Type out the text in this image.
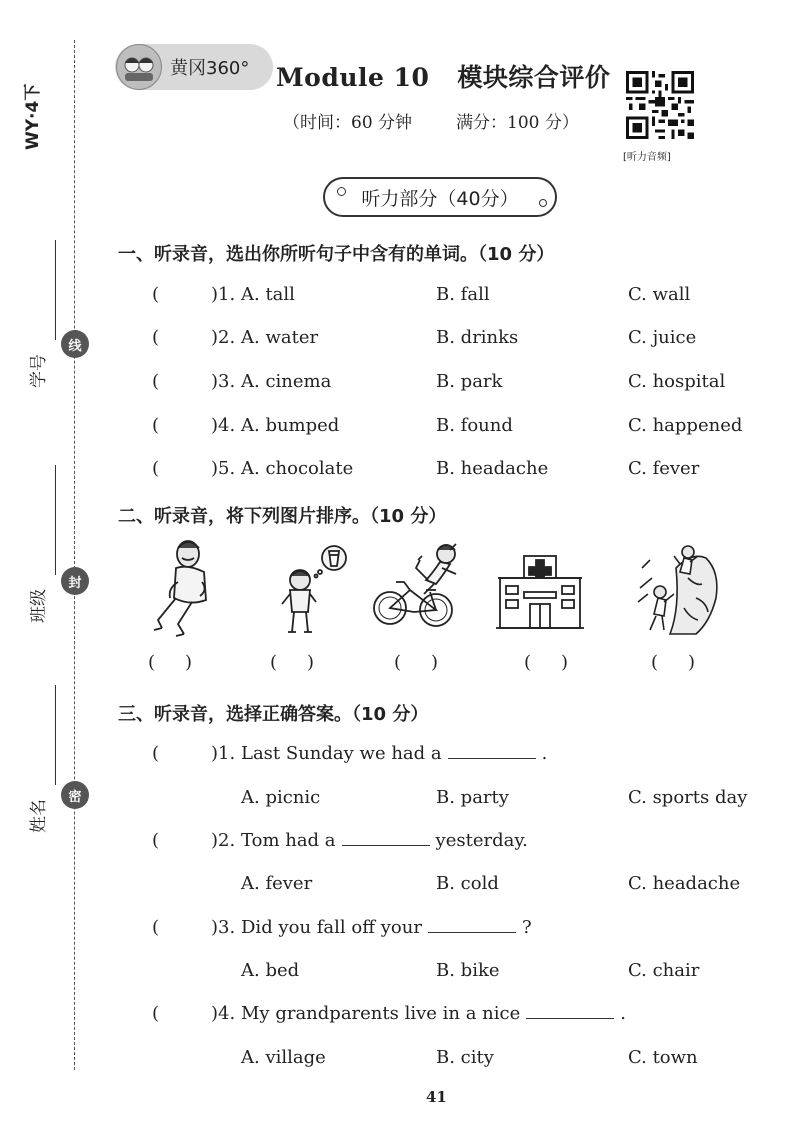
WY·4下
线
封
密
学号
班级
姓名
黄冈360° Module 10 模块综合评价
（时间：60 分钟	满分：100 分）
[听力音频]
听力部分（40分）
一、听录音，选出你所听句子中含有的单词。（10 分）
(	)1. A. tall	B. fall	C. wall
(	)2. A. water	B. drinks	C. juice
(	)3. A. cinema	B. park	C. hospital
(	)4. A. bumped	B. found	C. happened
(	)5. A. chocolate	B. headache	C. fever
二、听录音，将下列图片排序。（10 分）
( )	( )	( )	( )	( )
三、听录音，选择正确答案。（10 分）
(	)1. Last Sunday we had a	.
A. picnic	B. party	C. sports day
(	)2. Tom had a	yesterday.
A. fever	B. cold	C. headache
(	)3. Did you fall off your	?
A. bed	B. bike	C. chair
(	)4. My grandparents live in a nice	.
A. village	B. city	C. town
41
